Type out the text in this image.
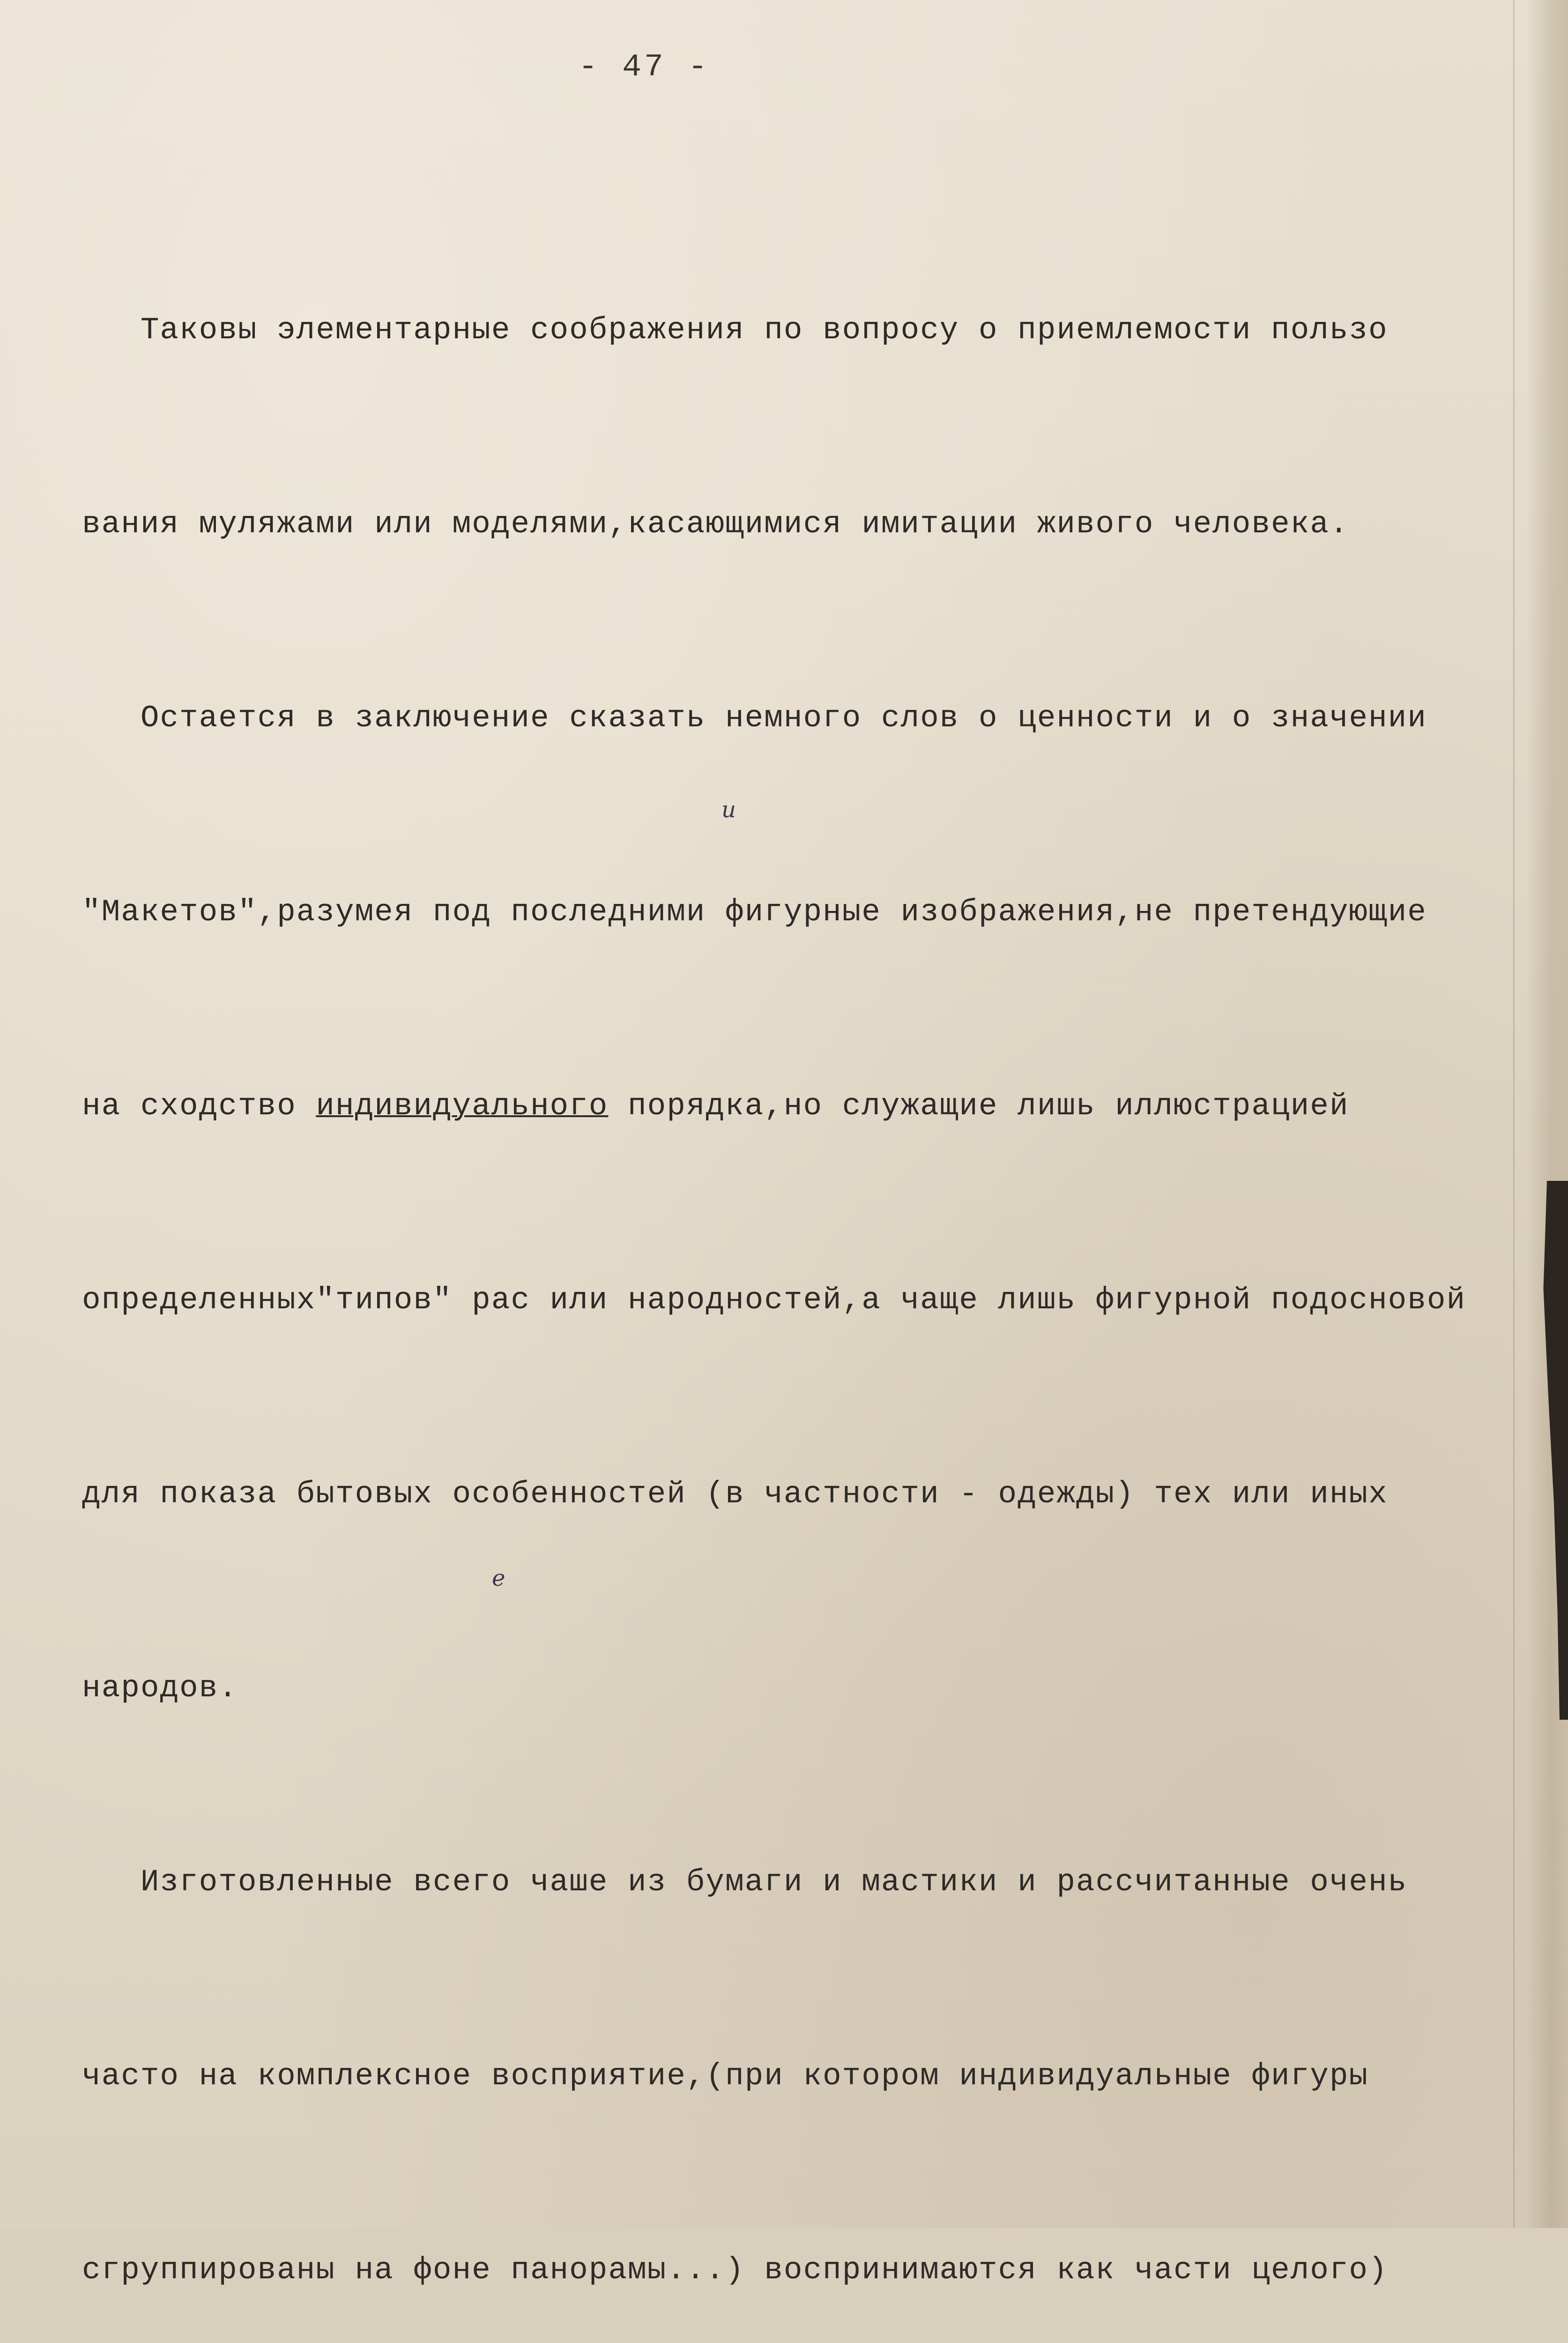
- 47 -

Таковы элементарные соображения по вопросу о приемлемости пользо

вания муляжами или моделями,касающимися имитации живого человека.

Остается в заключение сказать немного слов о ценности и о значении

"Макетов",разумея под последними фигурные изображения,не претендующие

на сходство индивидуального порядка,но служащие лишь иллюстрацией

определенных"типов" рас или народностей,а чаще лишь фигурной подосновой

для показа бытовых особенностей (в частности - одежды) тех или иных

народов.

Изготовленные всего чаше из бумаги и мастики и рассчитанные очень

часто на комплексное восприятие,(при котором индивидуальные фигуры

сгруппированы на фоне панорамы...) воспринимаются как части целого)

и
е
